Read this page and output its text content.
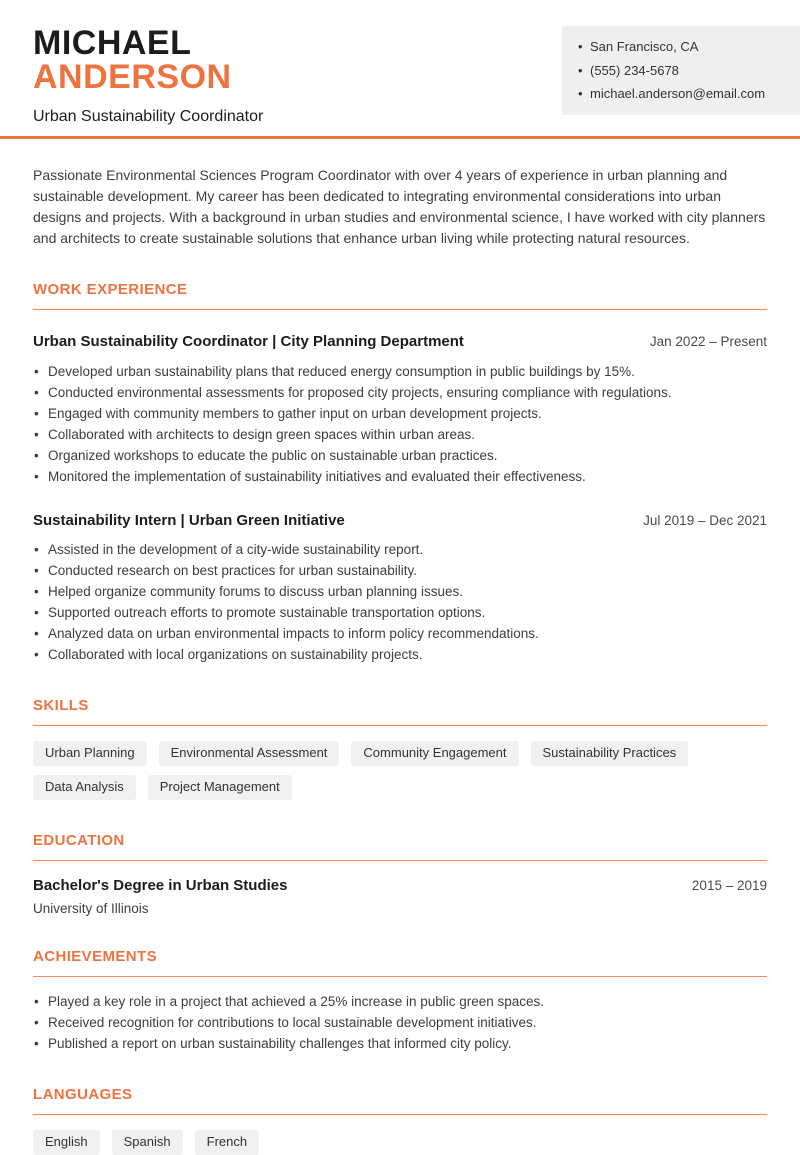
MICHAEL
ANDERSON
Urban Sustainability Coordinator
• San Francisco, CA
• (555) 234-5678
• michael.anderson@email.com

Passionate Environmental Sciences Program Coordinator with over 4 years of experience in urban planning and sustainable development. My career has been dedicated to integrating environmental considerations into urban designs and projects. With a background in urban studies and environmental science, I have worked with city planners and architects to create sustainable solutions that enhance urban living while protecting natural resources.

WORK EXPERIENCE
Urban Sustainability Coordinator | City Planning Department	Jan 2022 – Present
• Developed urban sustainability plans that reduced energy consumption in public buildings by 15%.
• Conducted environmental assessments for proposed city projects, ensuring compliance with regulations.
• Engaged with community members to gather input on urban development projects.
• Collaborated with architects to design green spaces within urban areas.
• Organized workshops to educate the public on sustainable urban practices.
• Monitored the implementation of sustainability initiatives and evaluated their effectiveness.
Sustainability Intern | Urban Green Initiative	Jul 2019 – Dec 2021
• Assisted in the development of a city-wide sustainability report.
• Conducted research on best practices for urban sustainability.
• Helped organize community forums to discuss urban planning issues.
• Supported outreach efforts to promote sustainable transportation options.
• Analyzed data on urban environmental impacts to inform policy recommendations.
• Collaborated with local organizations on sustainability projects.
SKILLS
Urban Planning	Environmental Assessment	Community Engagement	Sustainability Practices
Data Analysis	Project Management
EDUCATION
Bachelor's Degree in Urban Studies	2015 – 2019
University of Illinois
ACHIEVEMENTS
• Played a key role in a project that achieved a 25% increase in public green spaces.
• Received recognition for contributions to local sustainable development initiatives.
• Published a report on urban sustainability challenges that informed city policy.
LANGUAGES
English	Spanish	French
